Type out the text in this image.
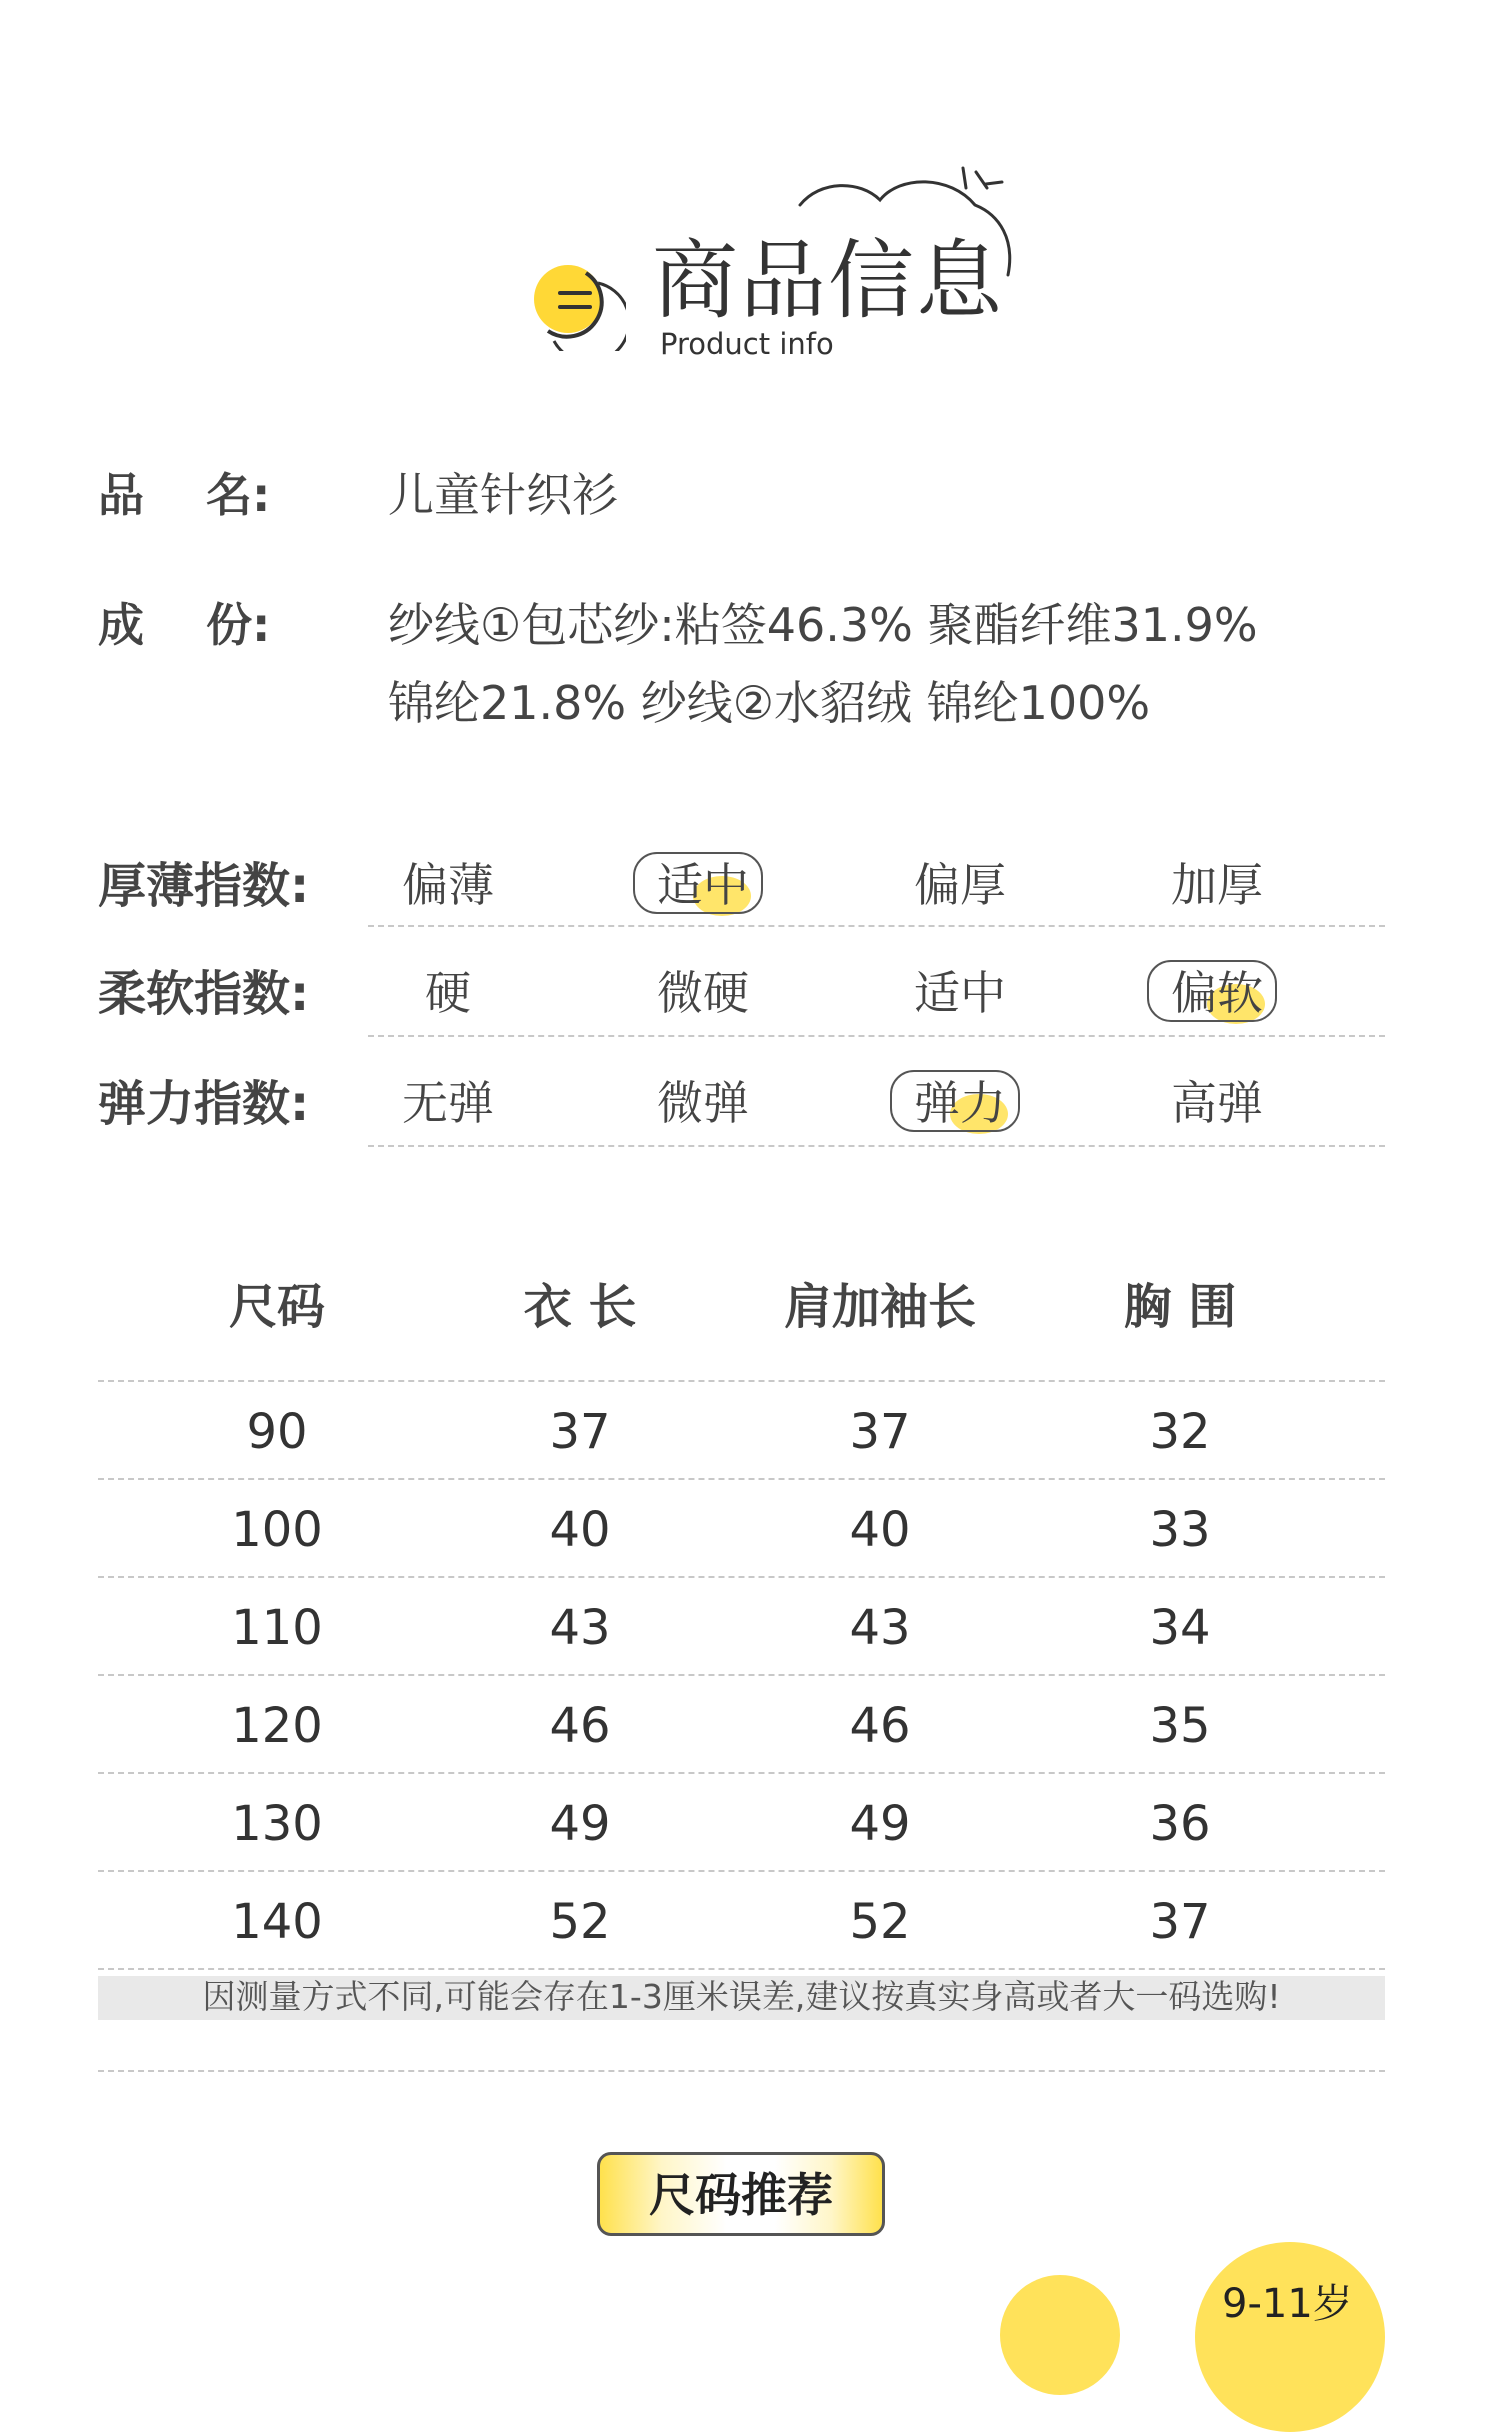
商品信息
Product info
品　 名:	儿童针织衫
成　 份:	纱线①包芯纱:粘签46.3% 聚酯纤维31.9%
锦纶21.8% 纱线②水貂绒 锦纶100%
厚薄指数:	偏薄	适中	偏厚	加厚
柔软指数:	硬	微硬	适中	偏软
弹力指数:	无弹	微弹	弹力	高弹
尺码	衣 长	肩加袖长	胸 围
90	37	37	32
100	40	40	33
110	43	43	34
120	46	46	35
130	49	49	36
140	52	52	37
因测量方式不同,可能会存在1-3厘米误差,建议按真实身高或者大一码选购!
尺码推荐
9-11岁
